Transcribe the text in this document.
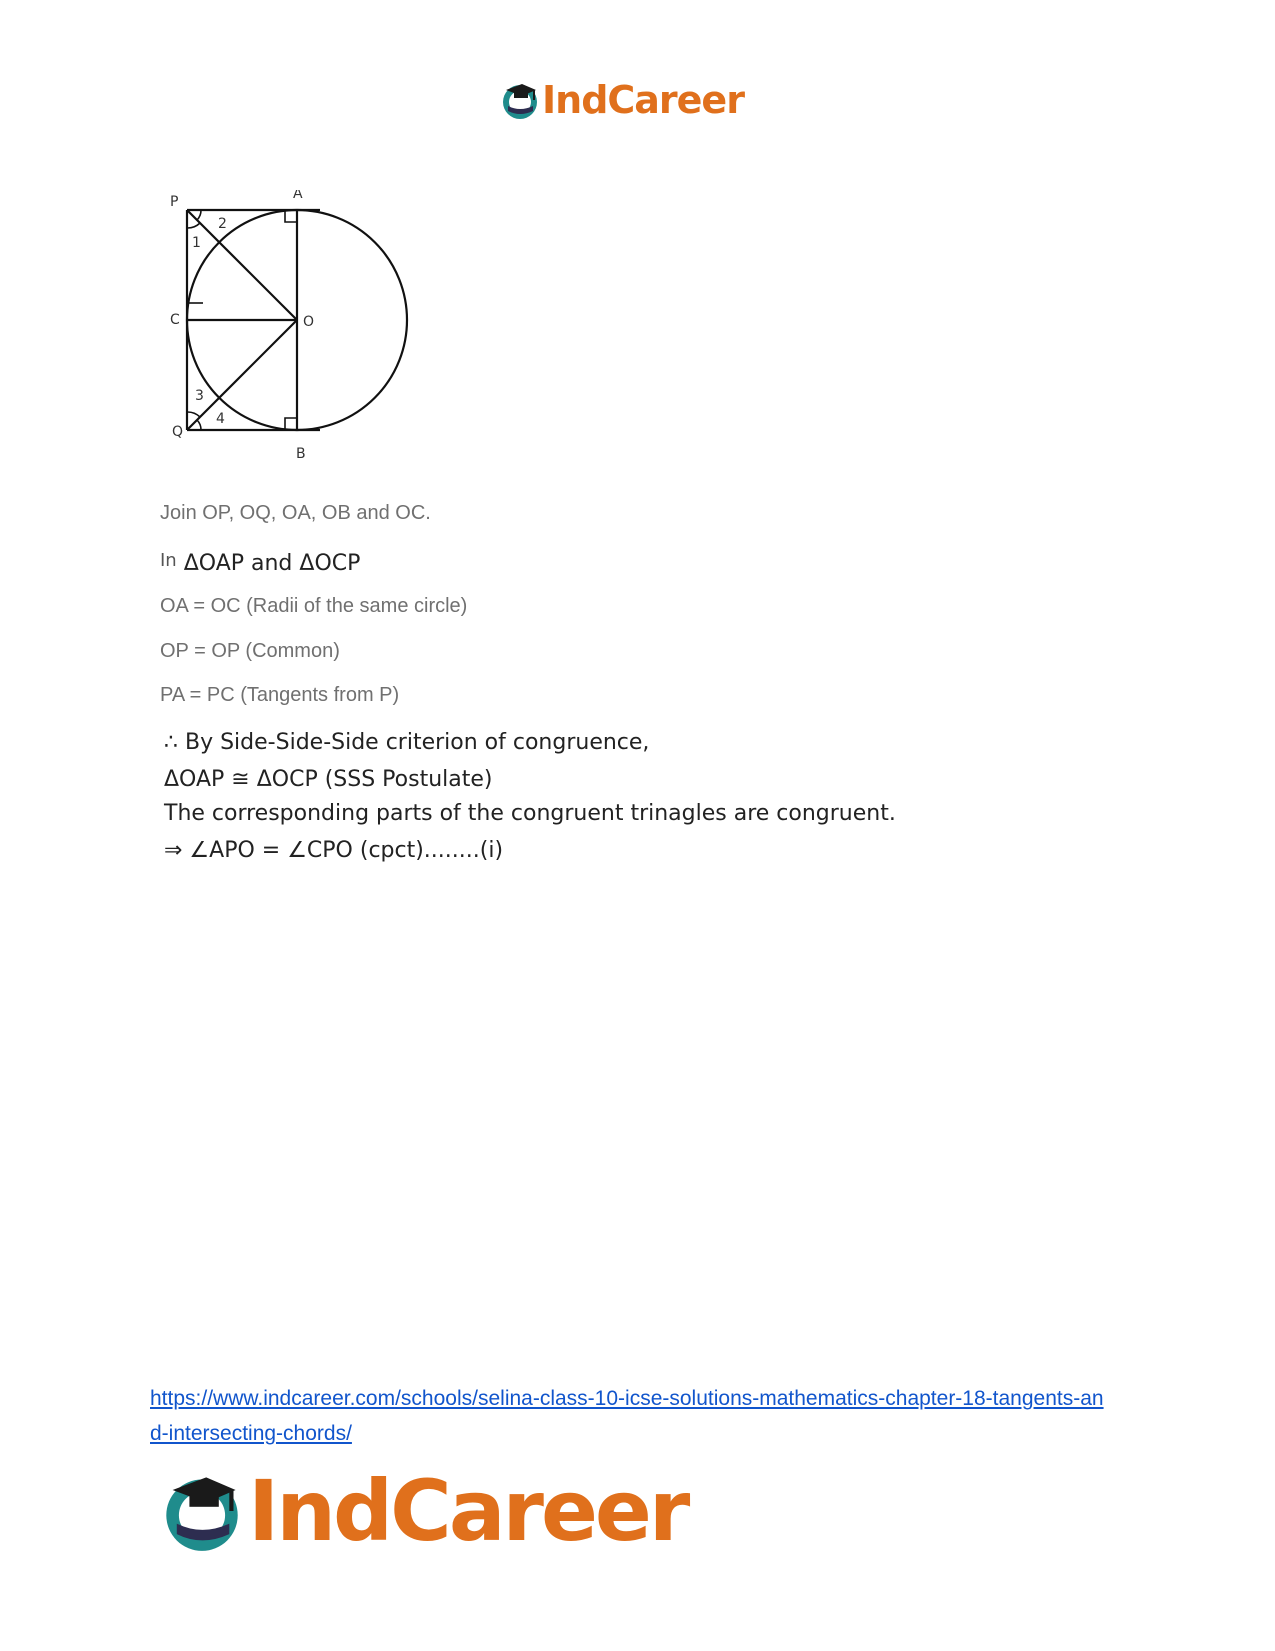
IndCareer
P	A
C	O
Q
B
1
2
3
4
Join OP, OQ, OA, OB and OC.
In ΔOAP and ΔOCP
OA = OC (Radii of the same circle)
OP = OP (Common)
PA = PC (Tangents from P)
∴ By Side-Side-Side criterion of congruence,
ΔOAP ≅ ΔOCP (SSS Postulate)
The corresponding parts of the congruent trinagles are congruent.
⇒ ∠APO = ∠CPO (cpct)........(i)
https://www.indcareer.com/schools/selina-class-10-icse-solutions-mathematics-chapter-18-tangents-and-intersecting-chords/
IndCareer
